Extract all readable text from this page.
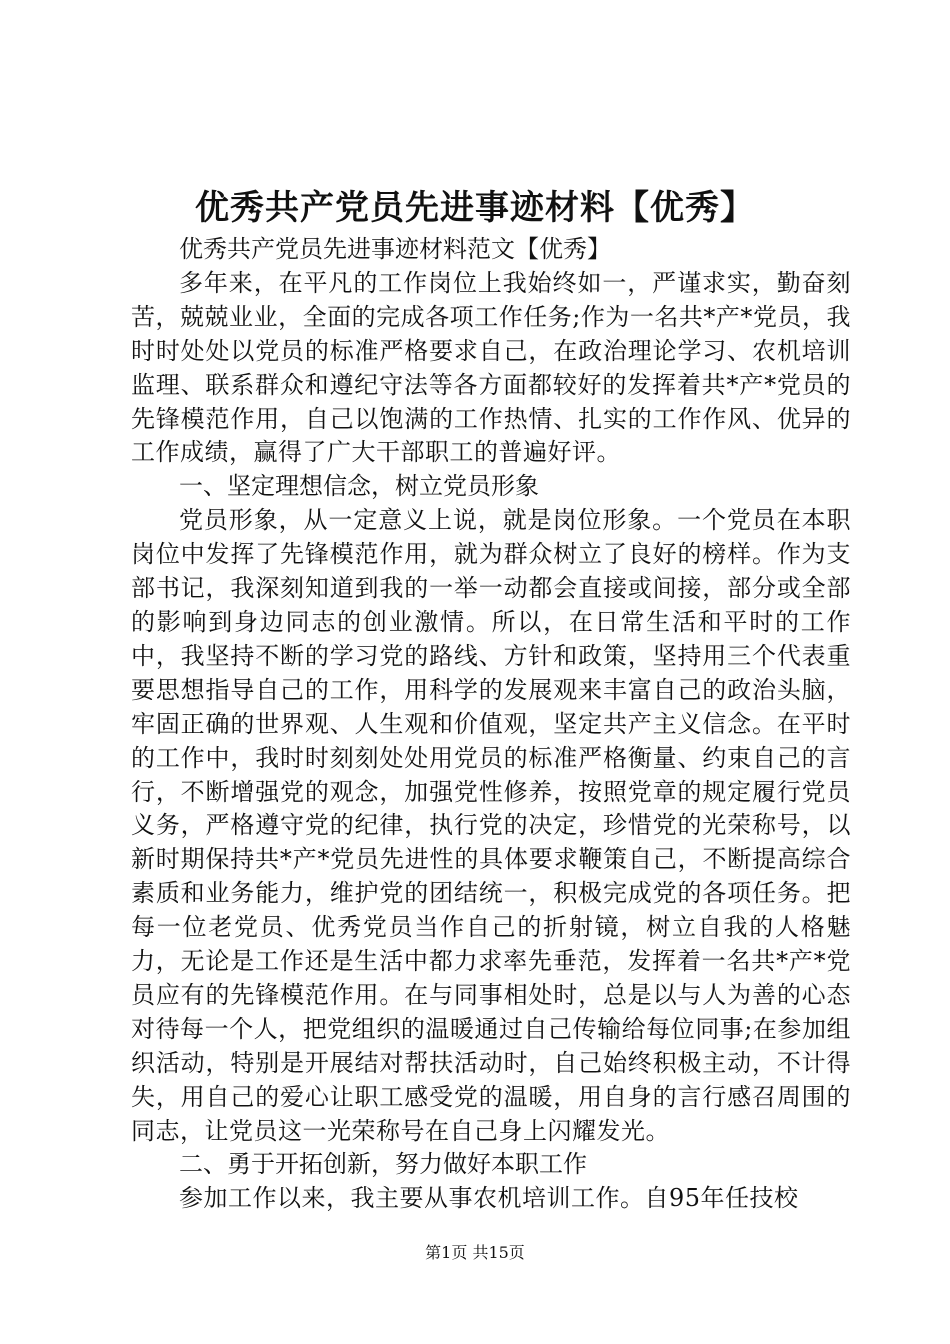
优秀共产党员先进事迹材料【优秀】

优秀共产党员先进事迹材料范文【优秀】

多年来，在平凡的工作岗位上我始终如一，严谨求实，勤奋刻苦，兢兢业业，全面的完成各项工作任务;作为一名共*产*党员，我时时处处以党员的标准严格要求自己，在政治理论学习、农机培训监理、联系群众和遵纪守法等各方面都较好的发挥着共*产*党员的先锋模范作用，自己以饱满的工作热情、扎实的工作作风、优异的工作成绩，赢得了广大干部职工的普遍好评。

一、坚定理想信念，树立党员形象

党员形象，从一定意义上说，就是岗位形象。一个党员在本职岗位中发挥了先锋模范作用，就为群众树立了良好的榜样。作为支部书记，我深刻知道到我的一举一动都会直接或间接，部分或全部的影响到身边同志的创业激情。所以，在日常生活和平时的工作中，我坚持不断的学习党的路线、方针和政策，坚持用三个代表重要思想指导自己的工作，用科学的发展观来丰富自己的政治头脑，牢固正确的世界观、人生观和价值观，坚定共产主义信念。在平时的工作中，我时时刻刻处处用党员的标准严格衡量、约束自己的言行，不断增强党的观念，加强党性修养，按照党章的规定履行党员义务，严格遵守党的纪律，执行党的决定，珍惜党的光荣称号，以新时期保持共*产*党员先进性的具体要求鞭策自己，不断提高综合素质和业务能力，维护党的团结统一，积极完成党的各项任务。把每一位老党员、优秀党员当作自己的折射镜，树立自我的人格魅力，无论是工作还是生活中都力求率先垂范，发挥着一名共*产*党员应有的先锋模范作用。在与同事相处时，总是以与人为善的心态对待每一个人，把党组织的温暖通过自己传输给每位同事;在参加组织活动，特别是开展结对帮扶活动时，自己始终积极主动，不计得失，用自己的爱心让职工感受党的温暖，用自身的言行感召周围的同志，让党员这一光荣称号在自己身上闪耀发光。

二、勇于开拓创新，努力做好本职工作

参加工作以来，我主要从事农机培训工作。自95年任技校

第1页 共15页
